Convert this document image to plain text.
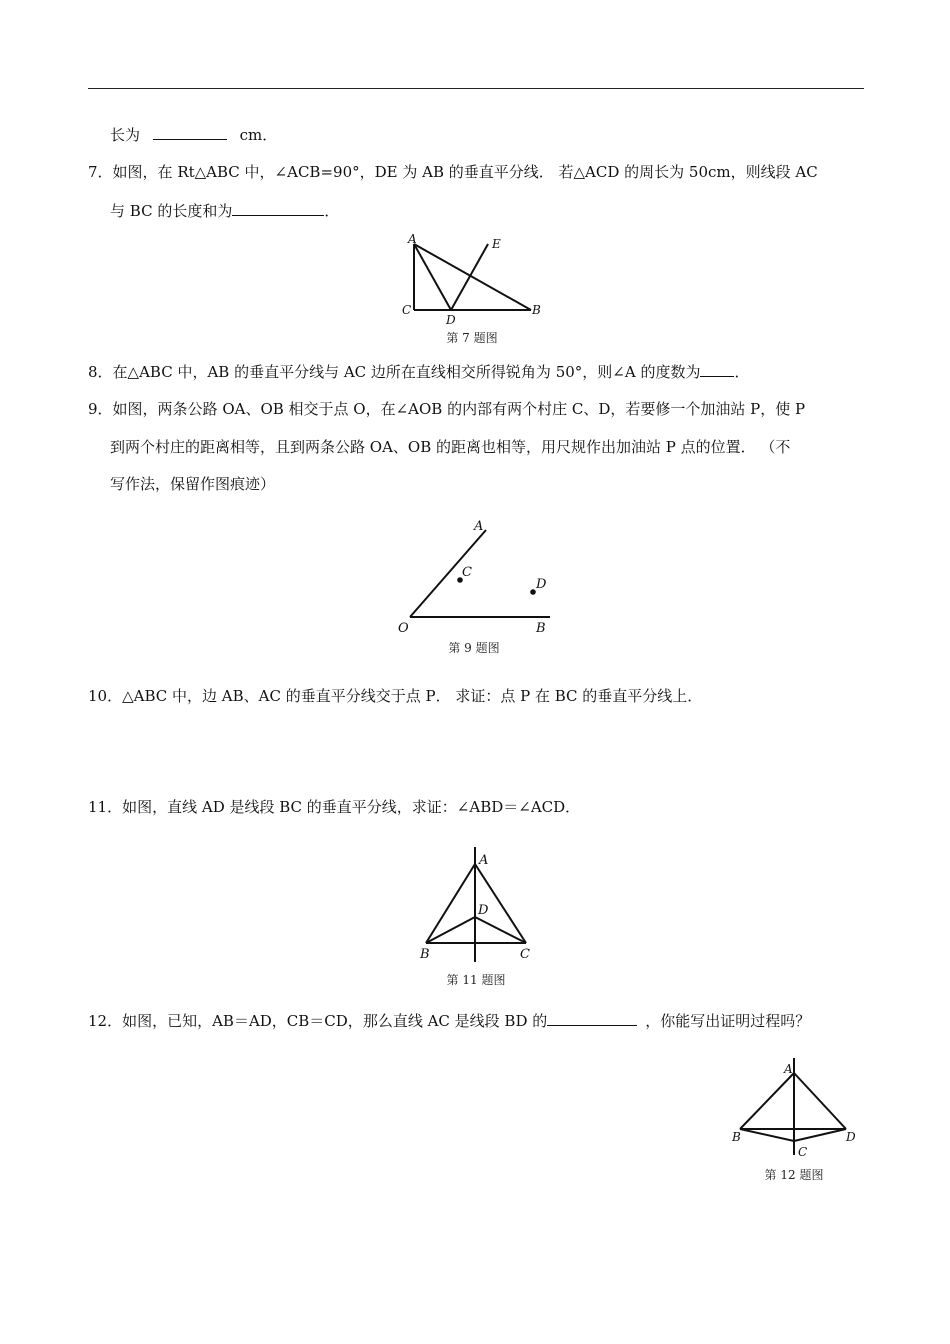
长为	cm．
7．如图，在 Rt△ABC 中，∠ACB=90°，DE 为 AB 的垂直平分线． 若△ACD 的周长为 50cm，则线段 AC
与 BC 的长度和为	．
A	E
C
D
B
第 7 题图
8．在△ABC 中，AB 的垂直平分线与 AC 边所在直线相交所得锐角为 50°，则∠A 的度数为 ．
9．如图，两条公路 OA、OB 相交于点 O，在∠AOB 的内部有两个村庄 C、D，若要修一个加油站 P，使 P
到两个村庄的距离相等，且到两条公路 OA、OB 的距离也相等，用尺规作出加油站 P 点的位置． （不
写作法，保留作图痕迹）
A
C
D
O	B
第 9 题图
10．△ABC 中，边 AB、AC 的垂直平分线交于点 P． 求证：点 P 在 BC 的垂直平分线上．
11．如图，直线 AD 是线段 BC 的垂直平分线，求证：∠ABD＝∠ACD．
A
D
B	C
第 11 题图
12．如图，已知，AB＝AD，CB＝CD，那么直线 AC 是线段 BD 的	，你能写出证明过程吗？
A
B
C
D
第 12 题图
